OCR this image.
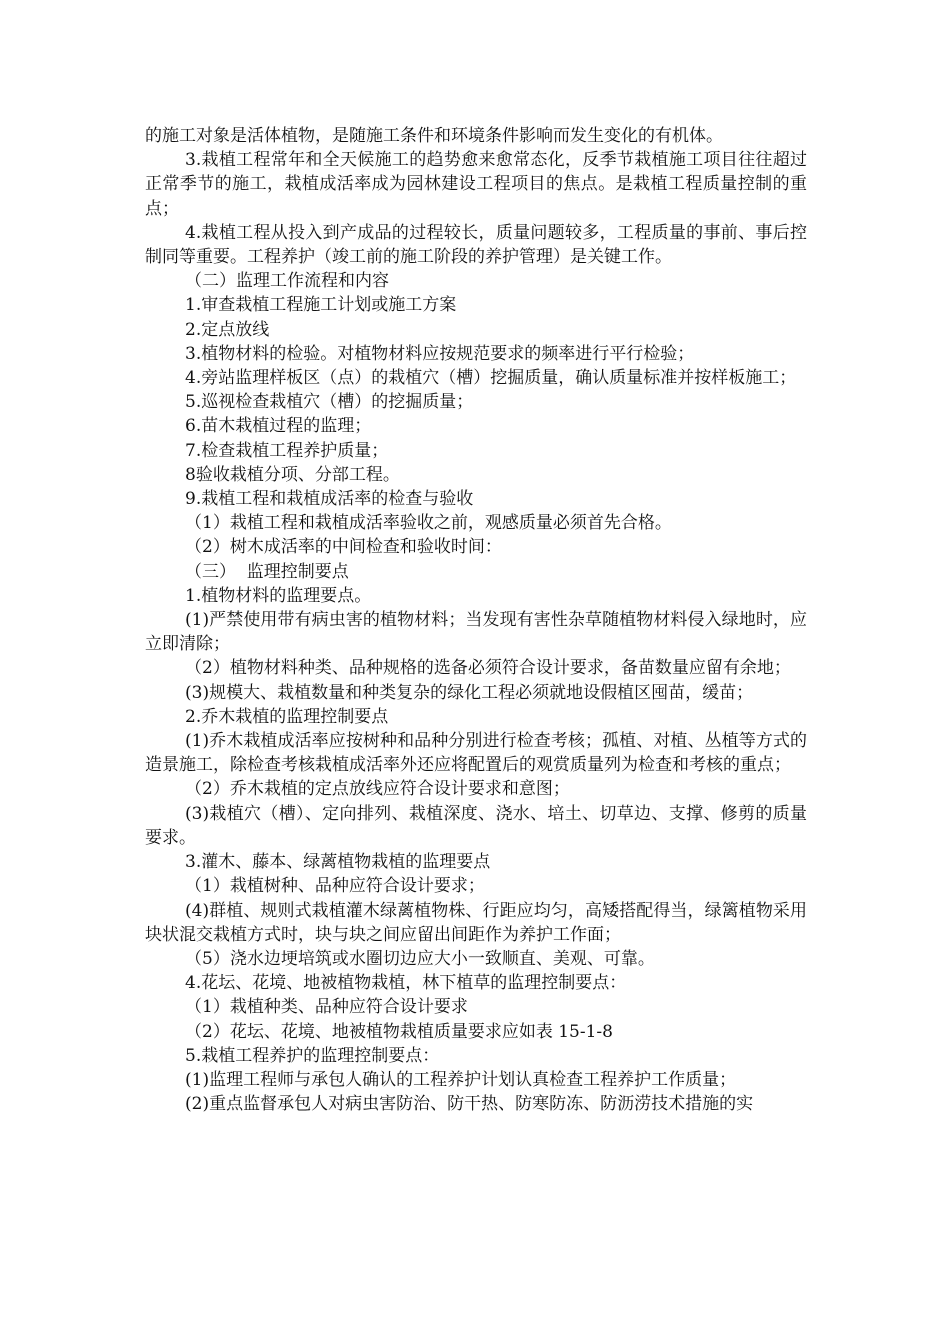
的施工对象是活体植物，是随施工条件和环境条件影响而发生变化的有机体。

3.栽植工程常年和全天候施工的趋势愈来愈常态化，反季节栽植施工项目往往超过正常季节的施工，栽植成活率成为园林建设工程项目的焦点。是栽植工程质量控制的重点；

4.栽植工程从投入到产成品的过程较长，质量问题较多，工程质量的事前、事后控制同等重要。工程养护（竣工前的施工阶段的养护管理）是关键工作。

（二）监理工作流程和内容

1.审查栽植工程施工计划或施工方案

2.定点放线

3.植物材料的检验。对植物材料应按规范要求的频率进行平行检验；

4.旁站监理样板区（点）的栽植穴（槽）挖掘质量，确认质量标准并按样板施工；

5.巡视检查栽植穴（槽）的挖掘质量；

6.苗木栽植过程的监理；

7.检查栽植工程养护质量；

8验收栽植分项、分部工程。

9.栽植工程和栽植成活率的检查与验收

（1）栽植工程和栽植成活率验收之前，观感质量必须首先合格。

（2）树木成活率的中间检查和验收时间：

（三）  监理控制要点

1.植物材料的监理要点。

(1)严禁使用带有病虫害的植物材料；当发现有害性杂草随植物材料侵入绿地时，应立即清除；

（2）植物材料种类、品种规格的选备必须符合设计要求，备苗数量应留有余地；

(3)规模大、栽植数量和种类复杂的绿化工程必须就地设假植区囤苗，缓苗；

2.乔木栽植的监理控制要点

(1)乔木栽植成活率应按树种和品种分别进行检查考核；孤植、对植、丛植等方式的造景施工，除检查考核栽植成活率外还应将配置后的观赏质量列为检查和考核的重点；

（2）乔木栽植的定点放线应符合设计要求和意图；

(3)栽植穴（槽）、定向排列、栽植深度、浇水、培土、切草边、支撑、修剪的质量要求。

3.灌木、藤本、绿蓠植物栽植的监理要点

（1）栽植树种、品种应符合设计要求；

(4)群植、规则式栽植灌木绿蓠植物株、行距应均匀，高矮搭配得当，绿篱植物采用块状混交栽植方式时，块与块之间应留出间距作为养护工作面；

（5）浇水边埂培筑或水圈切边应大小一致顺直、美观、可靠。

4.花坛、花境、地被植物栽植，林下植草的监理控制要点：

（1）栽植种类、品种应符合设计要求

（2）花坛、花境、地被植物栽植质量要求应如表 15-1-8

5.栽植工程养护的监理控制要点：

(1)监理工程师与承包人确认的工程养护计划认真检查工程养护工作质量；

(2)重点监督承包人对病虫害防治、防干热、防寒防冻、防沥涝技术措施的实
